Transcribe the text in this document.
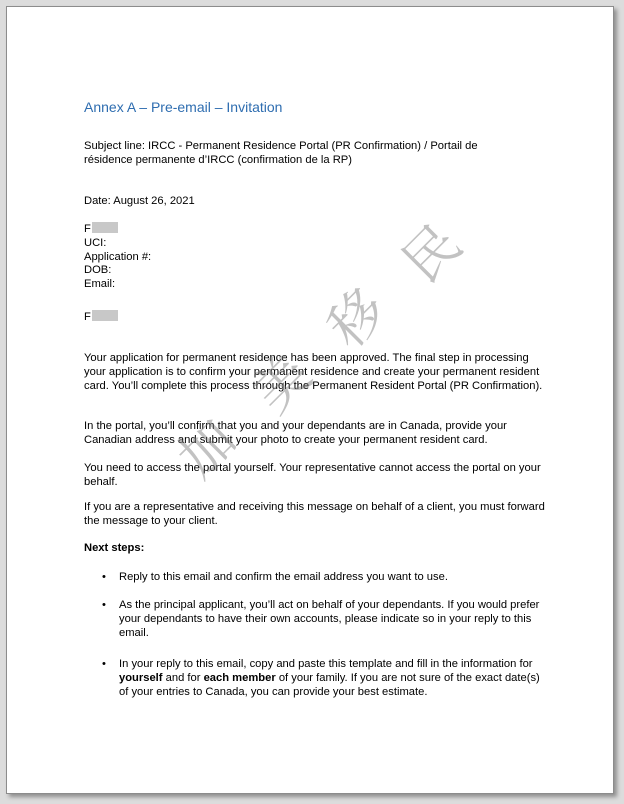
Annex A – Pre-email – Invitation
Subject line: IRCC - Permanent Residence Portal (PR Confirmation) / Portail de
résidence permanente d’IRCC (confirmation de la RP)
Date: August 26, 2021
F
UCI:
Application #:
DOB:
Email:
F
Your application for permanent residence has been approved. The final step in processing your application is to confirm your permanent residence and create your permanent resident card. You’ll complete this process through the Permanent Resident Portal (PR Confirmation).
In the portal, you’ll confirm that you and your dependants are in Canada, provide your Canadian address and submit your photo to create your permanent resident card.
You need to access the portal yourself. Your representative cannot access the portal on your behalf.
If you are a representative and receiving this message on behalf of a client, you must forward the message to your client.
Next steps:
• Reply to this email and confirm the email address you want to use.
• As the principal applicant, you’ll act on behalf of your dependants. If you would prefer your dependants to have their own accounts, please indicate so in your reply to this email.
• In your reply to this email, copy and paste this template and fill in the information for yourself and for each member of your family. If you are not sure of the exact date(s) of your entries to Canada, you can provide your best estimate.
加
美
移
民
